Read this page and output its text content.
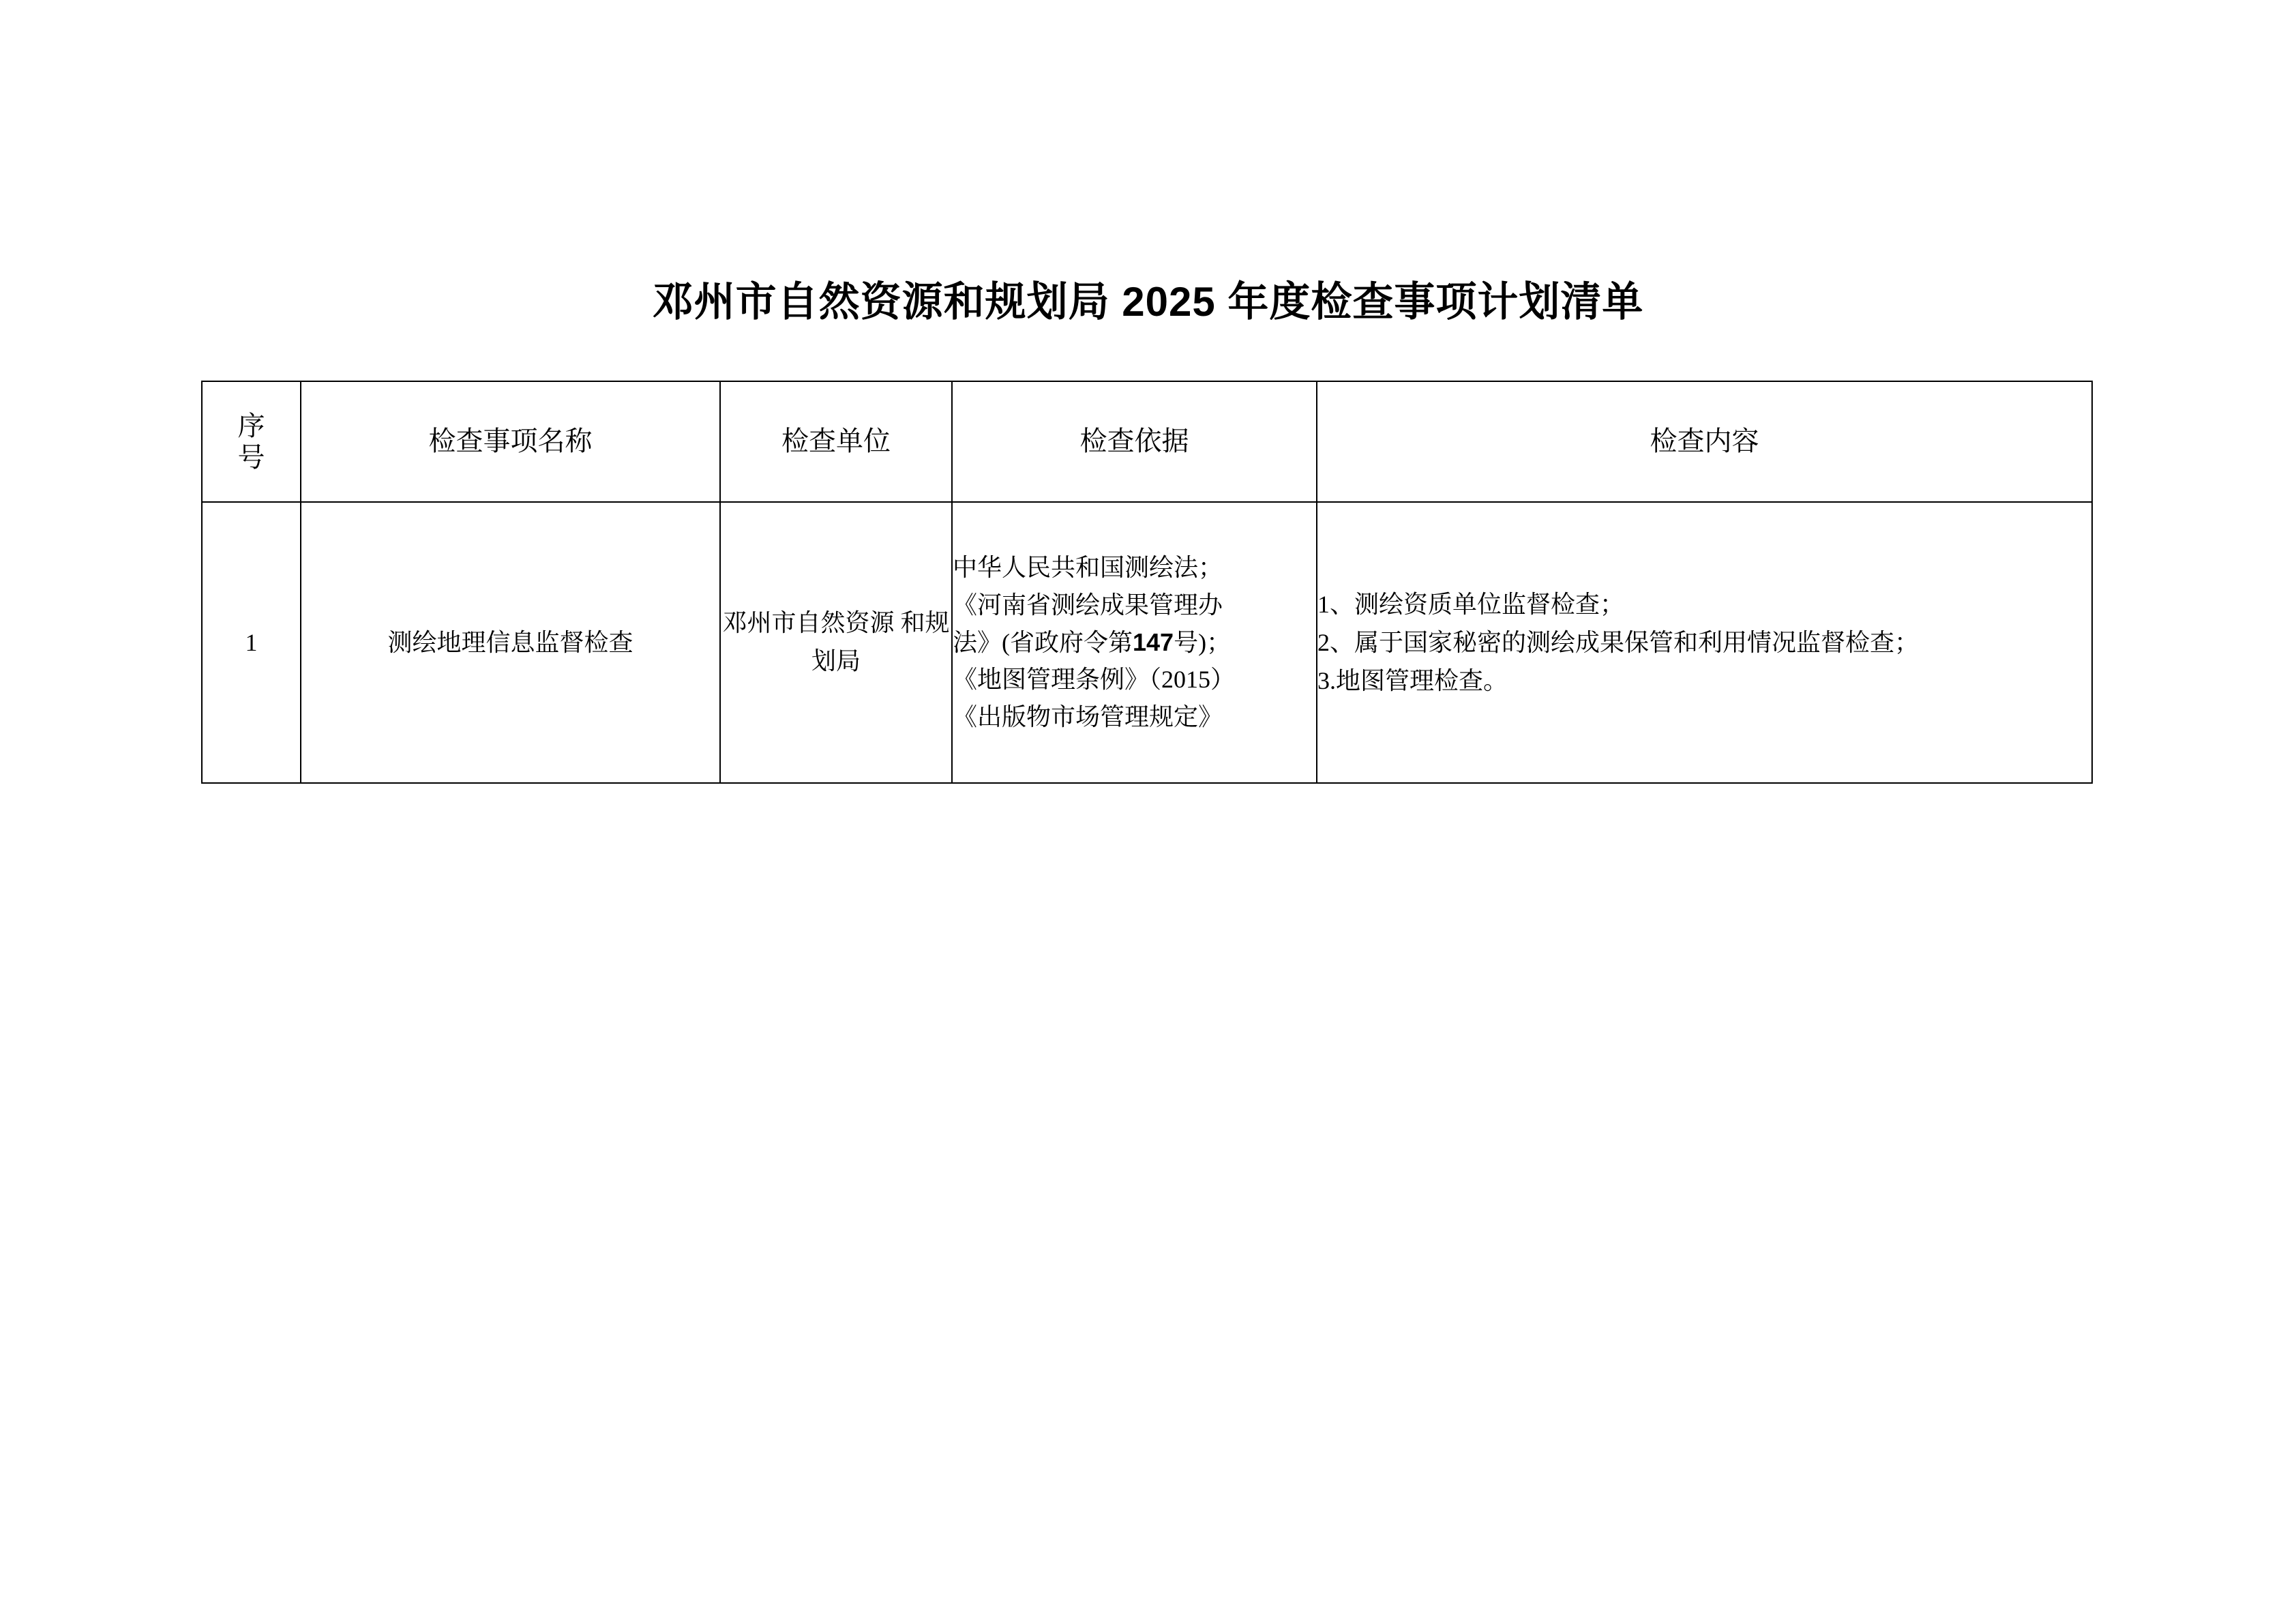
邓州市自然资源和规划局 2025 年度检查事项计划清单
序
号	检查事项名称	检查单位	检查依据	检查内容
1	测绘地理信息监督检查	邓州市自然资源 和规划局	中华人民共和国测绘法；
《河南省测绘成果管理办
法》(省政府令第147号)；
《地图管理条例》（2015）
《出版物市场管理规定》	1、测绘资质单位监督检查；
2、属于国家秘密的测绘成果保管和利用情况监督检查；
3.地图管理检查。
